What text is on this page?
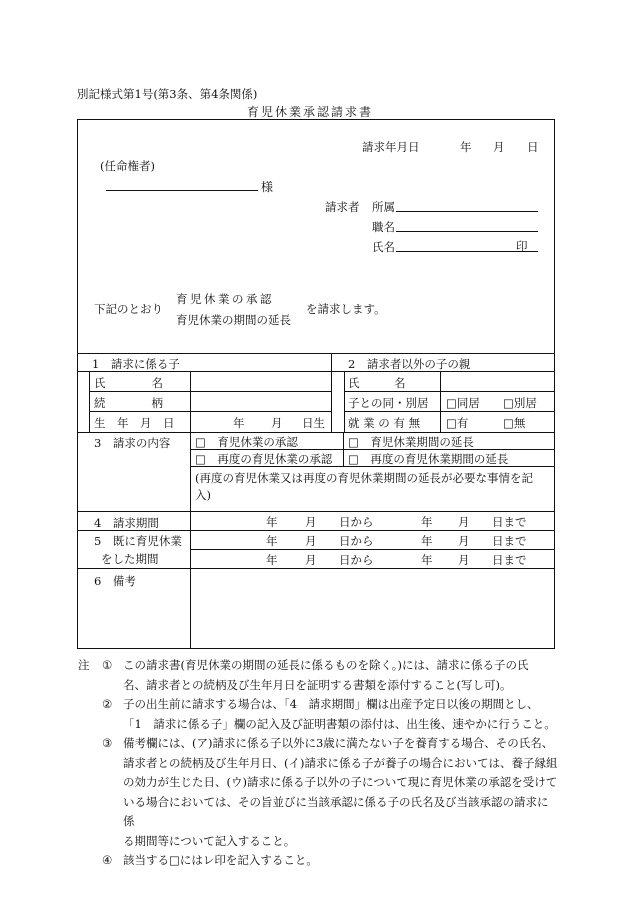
別記様式第1号(第3条、第4条関係)
育児休業承認請求書
請求年月日	年 月 日
(任命権者)
様
請求者 所属
職名
氏名	印
下記のとおり
育児休業の承認
育児休業の期間の延長
を請求します。
1　請求に係る子
氏　　　　名
続　　　　柄
生　年　月　日	年 月 日生
2　請求者以外の子の親
氏　　　名
子との同・別居 □同居 □別居
就 業 の 有 無 □有	□無
3　請求の内容 □　育児休業の承認	□　育児休業期間の延長
□　再度の育児休業の承認 □　再度の育児休業期間の延長
(再度の育児休業又は再度の育児休業期間の延長が必要な事情を記
入)
4　請求期間	年 月 日から	年 月 日まで
5　既に育児休業
をした期間
年 月 日から	年 月 日まで
年 月 日から	年 月 日まで
6　備考
注	① この請求書(育児休業の期間の延長に係るものを除く。)には、請求に係る子の氏
名、請求者との続柄及び生年月日を証明する書類を添付すること(写し可)。
② 子の出生前に請求する場合は、「4　請求期間」欄は出産予定日以後の期間とし、
「1　請求に係る子」欄の記入及び証明書類の添付は、出生後、速やかに行うこと。
③ 備考欄には、(ア)請求に係る子以外に3歳に満たない子を養育する場合、その氏名、
請求者との続柄及び生年月日、(イ)請求に係る子が養子の場合においては、養子縁組
の効力が生じた日、(ウ)請求に係る子以外の子について現に育児休業の承認を受けて
いる場合においては、その旨並びに当該承認に係る子の氏名及び当該承認の請求に係
る期間等について記入すること。
④ 該当する□にはレ印を記入すること。
